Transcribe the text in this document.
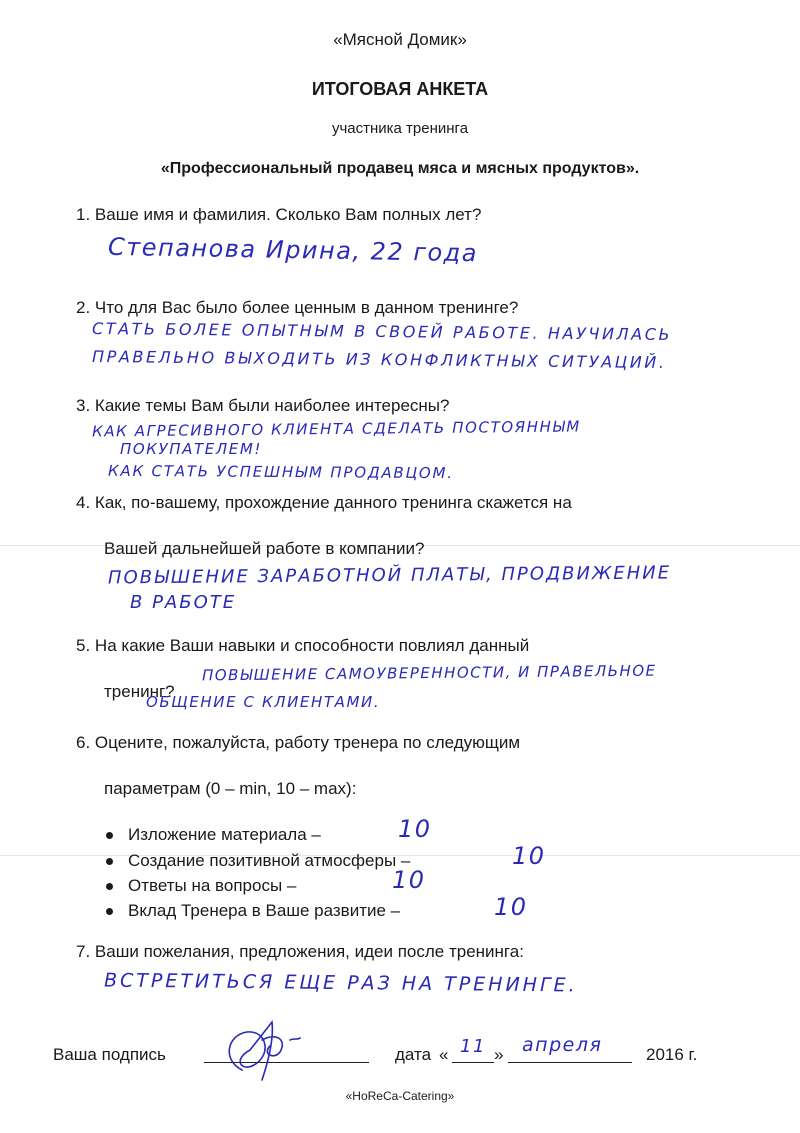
«Мясной Домик»
ИТОГОВАЯ АНКЕТА
участника тренинга
«Профессиональный продавец мяса и мясных продуктов».
1. Ваше имя и фамилия. Сколько Вам полных лет?
Степанова Ирина, 22 года
2. Что для Вас было более ценным в данном тренинге?
СТАТЬ БОЛЕЕ ОПЫТНЫМ В СВОЕЙ РАБОТЕ. НАУЧИЛАСЬ
ПРАВЕЛЬНО ВЫХОДИТЬ ИЗ КОНФЛИКТНЫХ СИТУАЦИЙ.
3. Какие темы Вам были наиболее интересны?
КАК АГРЕСИВНОГО КЛИЕНТА СДЕЛАТЬ ПОСТОЯННЫМ
ПОКУПАТЕЛЕМ!
КАК СТАТЬ УСПЕШНЫМ ПРОДАВЦОМ.
4. Как, по-вашему, прохождение данного тренинга скажется на
Вашей дальнейшей работе в компании?
ПОВЫШЕНИЕ ЗАРАБОТНОЙ ПЛАТЫ, ПРОДВИЖЕНИЕ
В РАБОТЕ
5. На какие Ваши навыки и способности повлиял данный
тренинг?
ПОВЫШЕНИЕ САМОУВЕРЕННОСТИ, И ПРАВЕЛЬНОЕ
ОБЩЕНИE С КЛИЕНТАМИ.
6. Оцените, пожалуйста, работу тренера по следующим
параметрам (0 – min, 10 – max):
Изложение материала –	10
Создание позитивной атмосферы –	10
Ответы на вопросы –	10
Вклад Тренера в Ваше развитие –	10
7. Ваши пожелания, предложения, идеи после тренинга:
ВСТРЕТИТЬСЯ ЕЩЕ РАЗ НА ТРЕНИНГЕ.
Ваша подпись	дата « 11 » апреля	2016 г.
«HoReCa-Catering»
